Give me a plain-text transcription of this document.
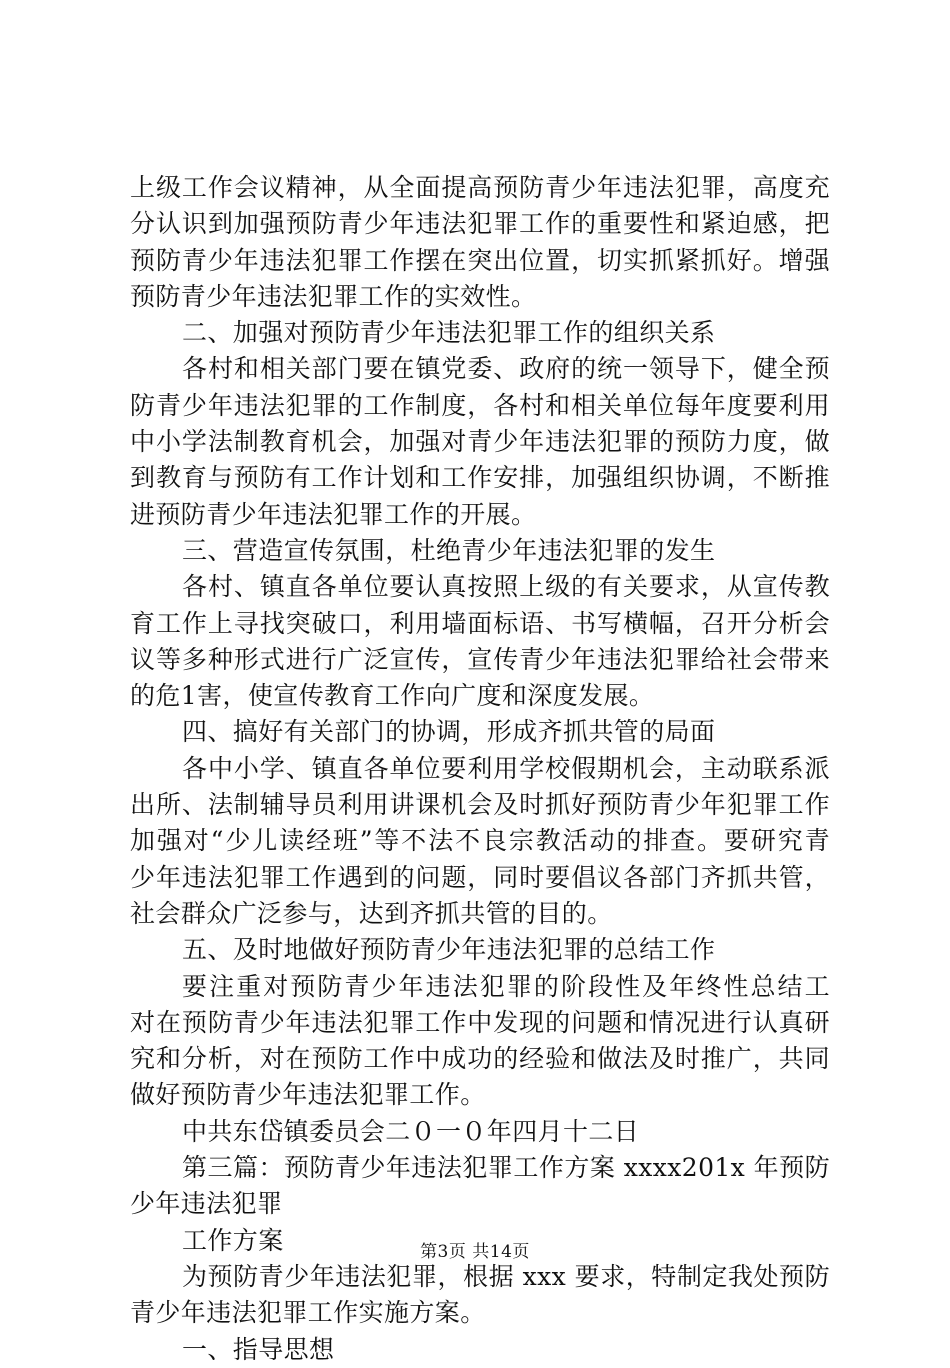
上级工作会议精神，从全面提高预防青少年违法犯罪，高度充
分认识到加强预防青少年违法犯罪工作的重要性和紧迫感，把
预防青少年违法犯罪工作摆在突出位置，切实抓紧抓好。增强
预防青少年违法犯罪工作的实效性。
二、加强对预防青少年违法犯罪工作的组织关系
各村和相关部门要在镇党委、政府的统一领导下，健全预
防青少年违法犯罪的工作制度，各村和相关单位每年度要利用
中小学法制教育机会，加强对青少年违法犯罪的预防力度，做
到教育与预防有工作计划和工作安排，加强组织协调，不断推
进预防青少年违法犯罪工作的开展。
三、营造宣传氛围，杜绝青少年违法犯罪的发生
各村、镇直各单位要认真按照上级的有关要求，从宣传教
育工作上寻找突破口，利用墙面标语、书写横幅，召开分析会
议等多种形式进行广泛宣传，宣传青少年违法犯罪给社会带来
的危1害，使宣传教育工作向广度和深度发展。
四、搞好有关部门的协调，形成齐抓共管的局面
各中小学、镇直各单位要利用学校假期机会，主动联系派
出所、法制辅导员利用讲课机会及时抓好预防青少年犯罪工作
加强对“少儿读经班”等不法不良宗教活动的排查。要研究青
少年违法犯罪工作遇到的问题，同时要倡议各部门齐抓共管，
社会群众广泛参与，达到齐抓共管的目的。
五、及时地做好预防青少年违法犯罪的总结工作
要注重对预防青少年违法犯罪的阶段性及年终性总结工
对在预防青少年违法犯罪工作中发现的问题和情况进行认真研
究和分析，对在预防工作中成功的经验和做法及时推广，共同
做好预防青少年违法犯罪工作。
中共东岱镇委员会二０一０年四月十二日
第三篇：预防青少年违法犯罪工作方案 xxxx201x 年预防
少年违法犯罪
工作方案
为预防青少年违法犯罪，根据 xxx 要求，特制定我处预防
青少年违法犯罪工作实施方案。
一、指导思想
第3页 共14页
